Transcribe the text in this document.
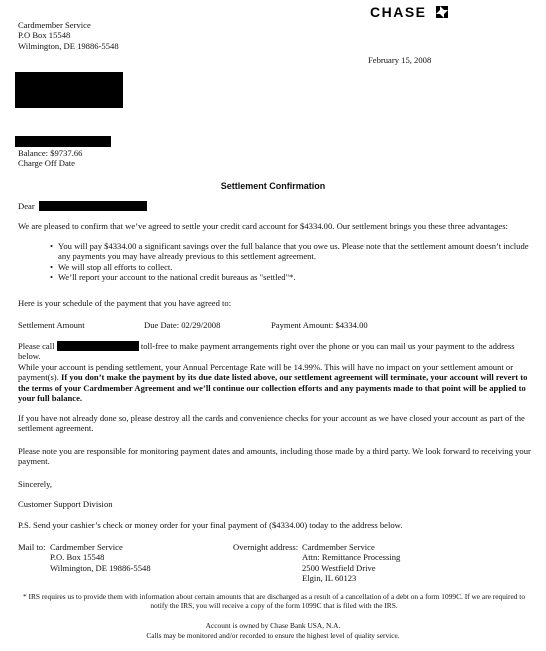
CHASE
Cardmember Service
P.O Box 15548
Wilmington, DE 19886-5548
February 15, 2008
Balance: $9737.66
Charge Off Date
Settlement Confirmation
Dear

We are pleased to confirm that we’ve agreed to settle your credit card account for $4334.00. Our settlement brings you these three advantages:

• You will pay $4334.00 a significant savings over the full balance that you owe us. Please note that the settlement amount doesn’t include any payments you may have already previous to this settlement agreement.
• We will stop all efforts to collect.
• We’ll report your account to the national credit bureaus as "settled"*.

Here is your schedule of the payment that you have agreed to:

Settlement Amount	Due Date: 02/29/2008	Payment Amount: $4334.00

Please call	toll-free to make payment arrangements right over the phone or you can mail us your payment to the address below.

While your account is pending settlement, your Annual Percentage Rate will be 14.99%. This will have no impact on your settlement amount or payment(s). If you don’t make the payment by its due date listed above, our settlement agreement will terminate, your account will revert to the terms of your Cardmember Agreement and we’ll continue our collection efforts and any payments made to that point will be applied to your full balance.

If you have not already done so, please destroy all the cards and convenience checks for your account as we have closed your account as part of the settlement agreement.

Please note you are responsible for monitoring payment dates and amounts, including those made by a third party. We look forward to receiving your payment.

Sincerely,

Customer Support Division

P.S. Send your cashier’s check or money order for your final payment of ($4334.00) today to the address below.

Mail to: Cardmember Service
P.O. Box 15548
Wilmington, DE 19886-5548
Overnight address: Cardmember Service
Attn: Remittance Processing
2500 Westfield Drive
Elgin, IL 60123

* IRS requires us to provide them with information about certain amounts that are discharged as a result of a cancellation of a debt on a form 1099C. If we are required to notify the IRS, you will receive a copy of the form 1099C that is filed with the IRS.

Account is owned by Chase Bank USA, N.A.
Calls may be monitored and/or recorded to ensure the highest level of quality service.
